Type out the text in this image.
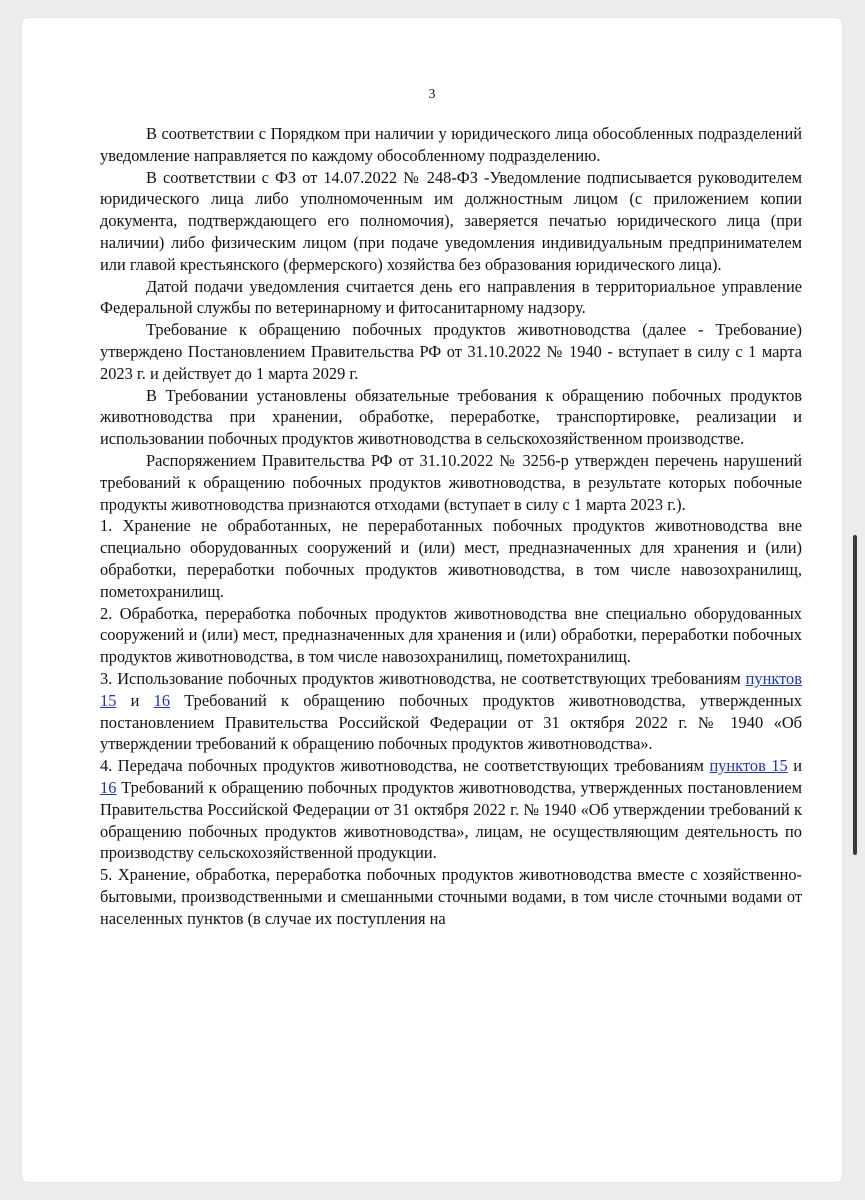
3

В соответствии с Порядком при наличии у юридического лица обособленных подразделений уведомление направляется по каждому обособленному подразделению.

В соответствии с ФЗ от 14.07.2022 № 248-ФЗ -Уведомление подписывается руководителем юридического лица либо уполномоченным им должностным лицом (с приложением копии документа, подтверждающего его полномочия), заверяется печатью юридического лица (при наличии) либо физическим лицом (при подаче уведомления индивидуальным предпринимателем или главой крестьянского (фермерского) хозяйства без образования юридического лица).

Датой подачи уведомления считается день его направления в территориальное управление Федеральной службы по ветеринарному и фитосанитарному надзору.

Требование к обращению побочных продуктов животноводства (далее - Требование) утверждено Постановлением Правительства РФ от 31.10.2022 № 1940 - вступает в силу с 1 марта 2023 г. и действует до 1 марта 2029 г.

В Требовании установлены обязательные требования к обращению побочных продуктов животноводства при хранении, обработке, переработке, транспортировке, реализации и использовании побочных продуктов животноводства в сельскохозяйственном производстве.

Распоряжением Правительства РФ от 31.10.2022 № 3256-р утвержден перечень нарушений требований к обращению побочных продуктов животноводства, в результате которых побочные продукты животноводства признаются отходами (вступает в силу с 1 марта 2023 г.).

1. Хранение не обработанных, не переработанных побочных продуктов животноводства вне специально оборудованных сооружений и (или) мест, предназначенных для хранения и (или) обработки, переработки побочных продуктов животноводства, в том числе навозохранилищ, пометохранилищ.

2. Обработка, переработка побочных продуктов животноводства вне специально оборудованных сооружений и (или) мест, предназначенных для хранения и (или) обработки, переработки побочных продуктов животноводства, в том числе навозохранилищ, пометохранилищ.

3. Использование побочных продуктов животноводства, не соответствующих требованиям пунктов 15 и 16 Требований к обращению побочных продуктов животноводства, утвержденных постановлением Правительства Российской Федерации от 31 октября 2022 г. № 1940 «Об утверждении требований к обращению побочных продуктов животноводства».

4. Передача побочных продуктов животноводства, не соответствующих требованиям пунктов 15 и 16 Требований к обращению побочных продуктов животноводства, утвержденных постановлением Правительства Российской Федерации от 31 октября 2022 г. № 1940 «Об утверждении требований к обращению побочных продуктов животноводства», лицам, не осуществляющим деятельность по производству сельскохозяйственной продукции.

5. Хранение, обработка, переработка побочных продуктов животноводства вместе с хозяйственно-бытовыми, производственными и смешанными сточными водами, в том числе сточными водами от населенных пунктов (в случае их поступления на
